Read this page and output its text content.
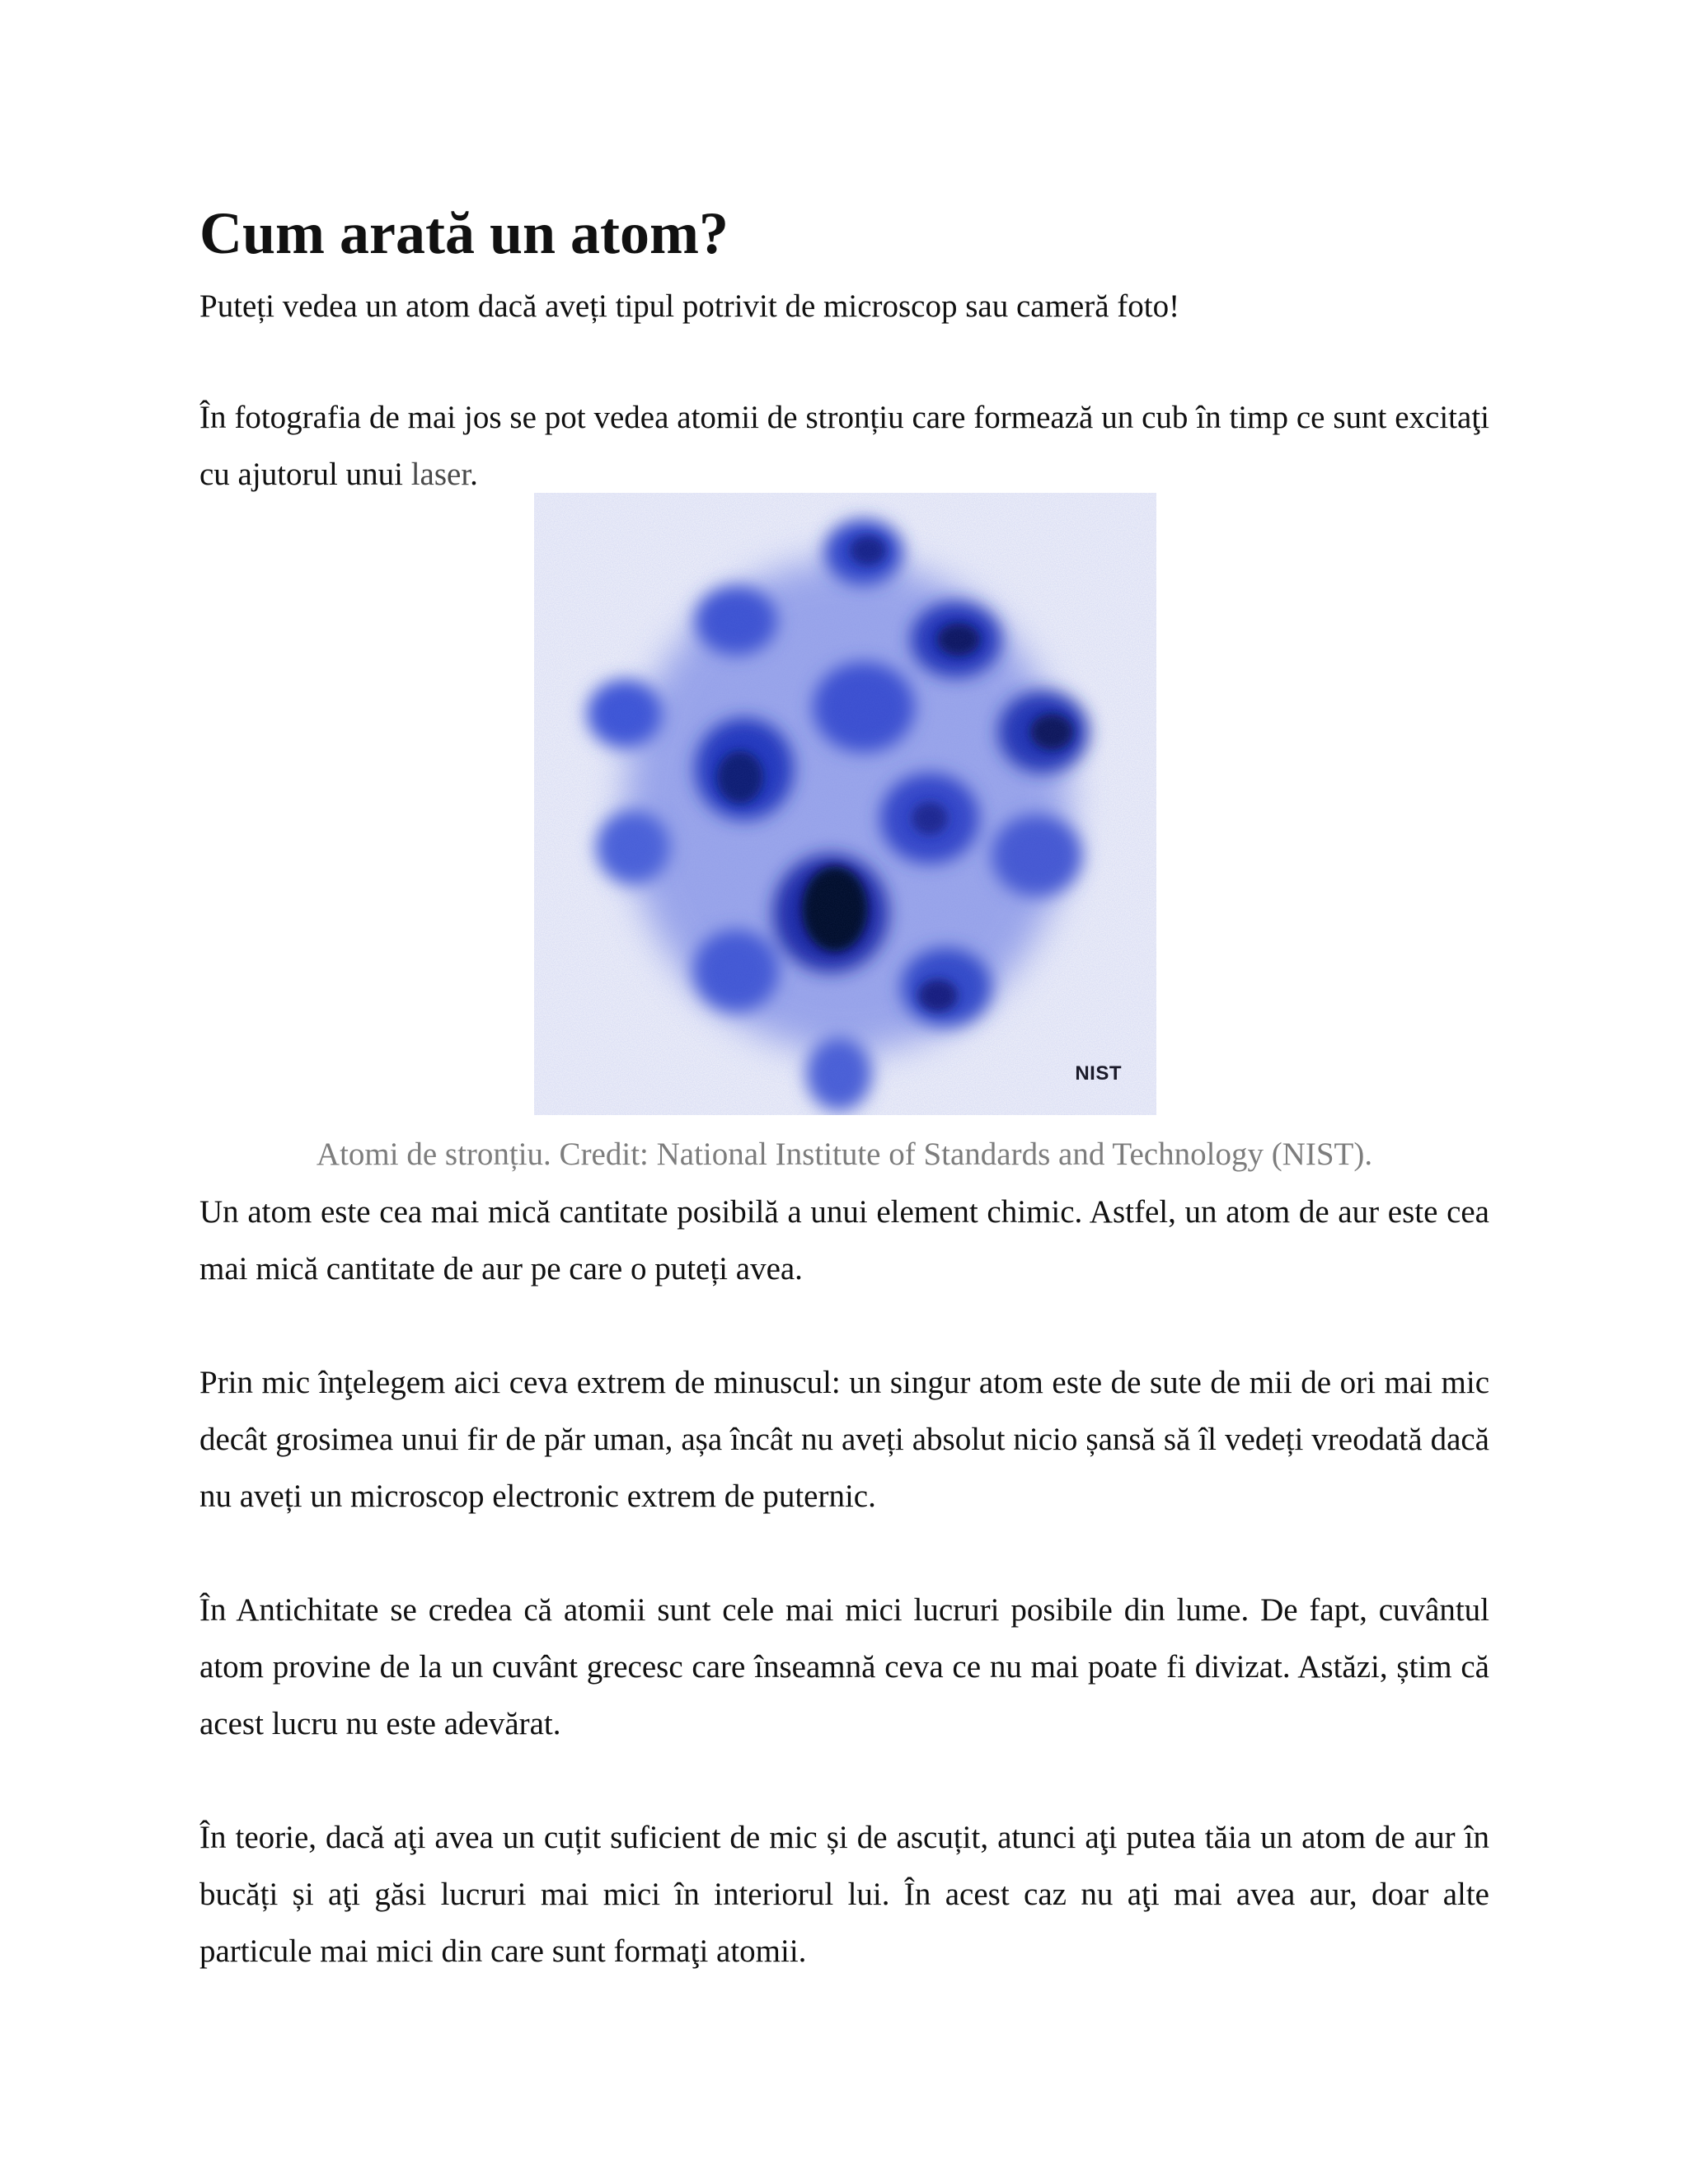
Cum arată un atom?

Puteți vedea un atom dacă aveți tipul potrivit de microscop sau cameră foto!

În fotografia de mai jos se pot vedea atomii de stronțiu care formează un cub în timp ce sunt excitaţi cu ajutorul unui laser.

NIST

Atomi de stronțiu. Credit: National Institute of Standards and Technology (NIST).

Un atom este cea mai mică cantitate posibilă a unui element chimic. Astfel, un atom de aur este cea mai mică cantitate de aur pe care o puteți avea.

Prin mic înţelegem aici ceva extrem de minuscul: un singur atom este de sute de mii de ori mai mic decât grosimea unui fir de păr uman, așa încât nu aveți absolut nicio șansă să îl vedeți vreodată dacă nu aveți un microscop electronic extrem de puternic.

În Antichitate se credea că atomii sunt cele mai mici lucruri posibile din lume. De fapt, cuvântul atom provine de la un cuvânt grecesc care înseamnă ceva ce nu mai poate fi divizat. Astăzi, știm că acest lucru nu este adevărat.

În teorie, dacă aţi avea un cuțit suficient de mic și de ascuțit, atunci aţi putea tăia un atom de aur în bucăți și aţi găsi lucruri mai mici în interiorul lui. În acest caz nu aţi mai avea aur, doar alte particule mai mici din care sunt formaţi atomii.
